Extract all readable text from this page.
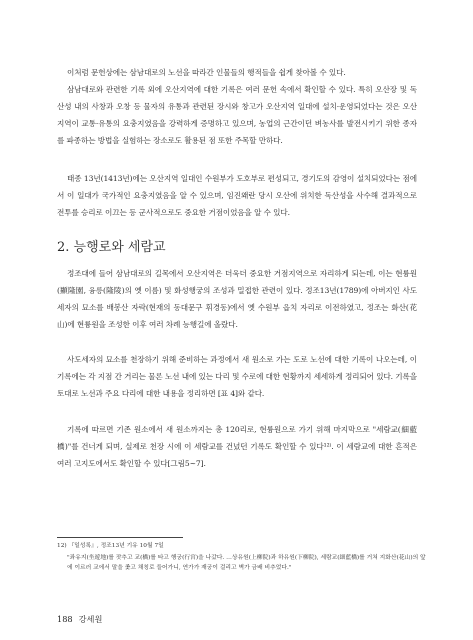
이처럼 문헌상에는 삼남대로의 노선을 따라간 인물들의 행적들을 쉽게 찾아볼 수 있다.

삼남대로와 관련한 기록 외에 오산지역에 대한 기록은 여러 문헌 속에서 확인할 수 있다. 특히 오산장 및 독산성 내의 사창과 오창 등 물자의 유통과 관련된 장시와 창고가 오산지역 일대에 설치·운영되었다는 것은 오산지역이 교통·유통의 요충지였음을 강력하게 증명하고 있으며, 농업의 근간이던 벼농사를 발전시키기 위한 종자를 파종하는 방법을 실험하는 장소로도 활용된 점 또한 주목할 만하다.

태종 13년(1413년)에는 오산지역 일대인 수원부가 도호부로 편성되고, 경기도의 감영이 설치되었다는 점에서 이 일대가 국가적인 요충지였음을 알 수 있으며, 임진왜란 당시 오산에 위치한 독산성을 사수해 결과적으로 전투를 승리로 이끄는 등 군사적으로도 중요한 거점이었음을 알 수 있다.

2. 능행로와 세람교

정조대에 들어 삼남대로의 길목에서 오산지역은 더욱더 중요한 거점지역으로 자리하게 되는데, 이는 현륭원(顯隆園, 융릉(隆陵)의 옛 이름) 및 화성행궁의 조성과 밀접한 관련이 있다. 정조13년(1789)에 아버지인 사도세자의 묘소를 배봉산 자락(현재의 동대문구 휘경동)에서 옛 수원부 읍치 자리로 이전하였고, 정조는 화산(花山)에 현륭원을 조성한 이후 여러 차례 능행길에 올랐다.

사도세자의 묘소를 천장하기 위해 준비하는 과정에서 새 원소로 가는 도로 노선에 대한 기록이 나오는데, 이 기록에는 각 지점 간 거리는 물론 노선 내에 있는 다리 및 수로에 대한 현황까지 세세하게 정리되어 있다. 기록을 토대로 노선과 주요 다리에 대한 내용을 정리하면 [표 4]와 같다.

기록에 따르면 기존 원소에서 새 원소까지는 총 120리로, 현륭원으로 가기 위해 마지막으로 "세람교(細藍橋)"를 건너게 되며, 실제로 천장 시에 이 세람교를 건넜던 기록도 확인할 수 있다¹²⁾. 이 세람교에 대한 흔적은 여러 고지도에서도 확인할 수 있다[그림5~7].

12) 『일성록』, 정조13년 기유 10월 7일

"좌유지(坐遊地)를 잣추고 교(橋)를 타고 행궁(行宮)을 나갔다. …상유원(上柳院)과 하유원(下柳院), 세람교(細藍橋)를 거쳐 지화산(花山)의 앞에 이르러 교에서 말을 좇고 채칭로 들어가니, 연가가 재궁이 걸리고 벽가 금배 비추었다."

188 강세원
